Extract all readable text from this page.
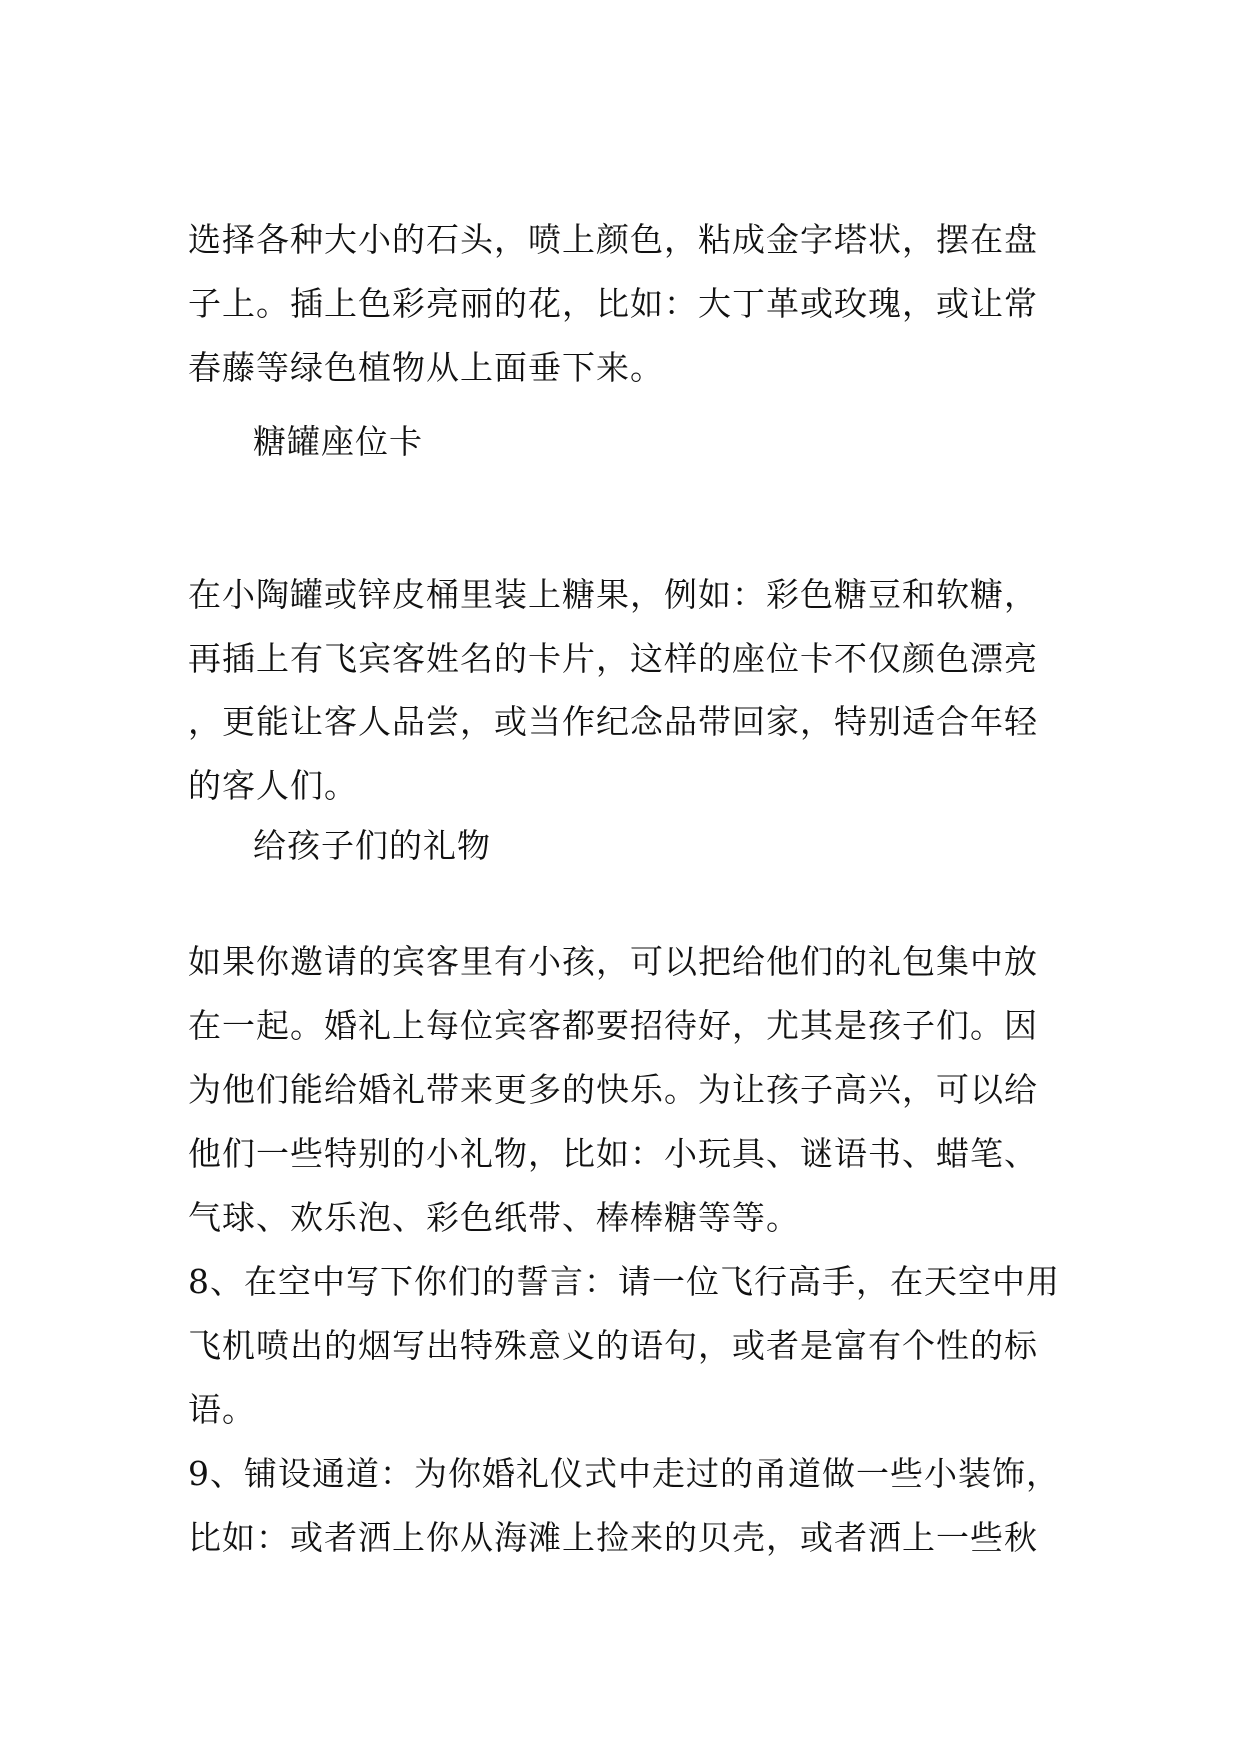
选择各种大小的石头，喷上颜色，粘成金字塔状，摆在盘
子上。插上色彩亮丽的花，比如：大丁革或玫瑰，或让常
春藤等绿色植物从上面垂下来。
糖罐座位卡
在小陶罐或锌皮桶里装上糖果，例如：彩色糖豆和软糖，
再插上有飞宾客姓名的卡片，这样的座位卡不仅颜色漂亮
，更能让客人品尝，或当作纪念品带回家，特别适合年轻
的客人们。
给孩子们的礼物
如果你邀请的宾客里有小孩，可以把给他们的礼包集中放
在一起。婚礼上每位宾客都要招待好，尤其是孩子们。因
为他们能给婚礼带来更多的快乐。为让孩子高兴，可以给
他们一些特别的小礼物，比如：小玩具、谜语书、蜡笔、
气球、欢乐泡、彩色纸带、棒棒糖等等。
8、在空中写下你们的誓言：请一位飞行高手，在天空中用
飞机喷出的烟写出特殊意义的语句，或者是富有个性的标
语。
9、铺设通道：为你婚礼仪式中走过的甬道做一些小装饰，
比如：或者洒上你从海滩上捡来的贝壳，或者洒上一些秋
